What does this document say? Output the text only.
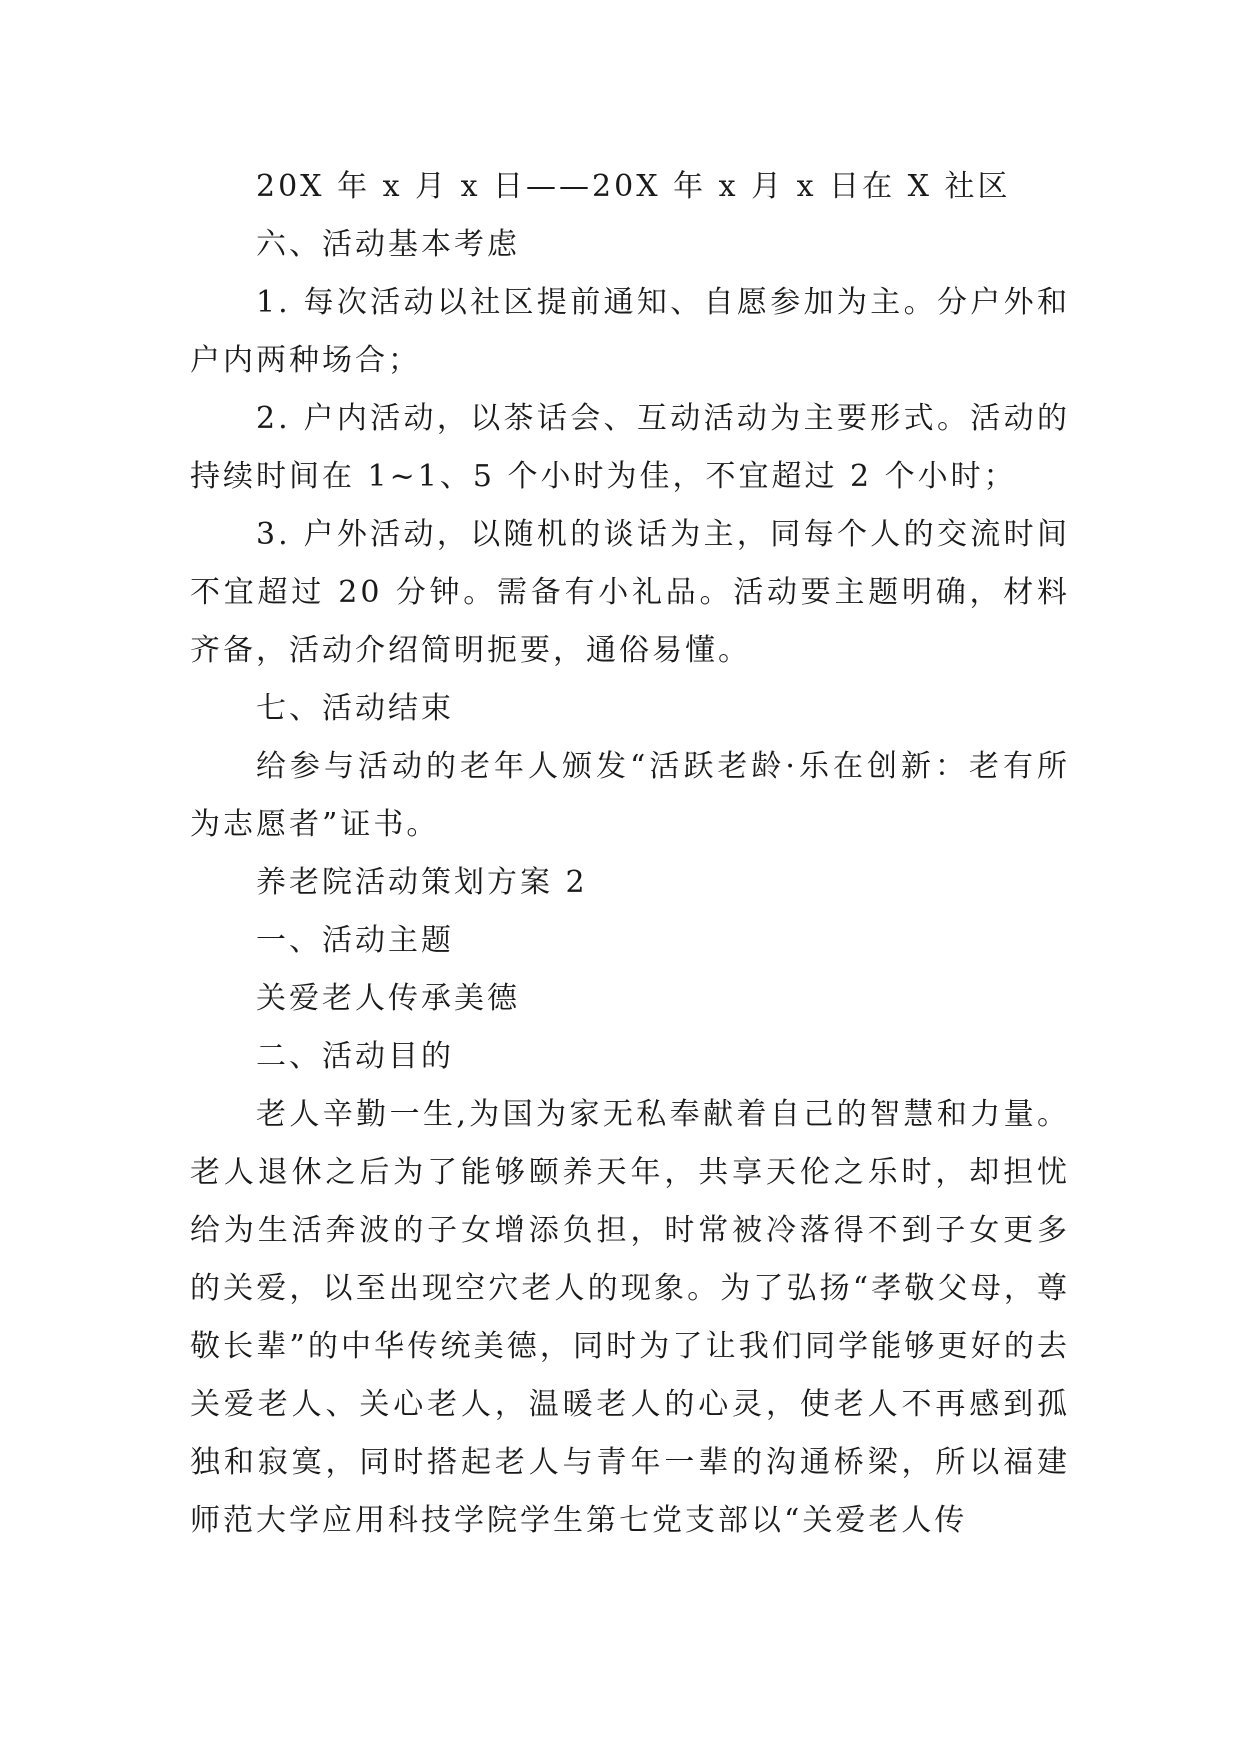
20X 年 x 月 x 日——20X 年 x 月 x 日在 X 社区

六、活动基本考虑

1. 每次活动以社区提前通知、自愿参加为主。分户外和户内两种场合；

2. 户内活动，以茶话会、互动活动为主要形式。活动的持续时间在 1~1、5 个小时为佳，不宜超过 2 个小时；

3. 户外活动，以随机的谈话为主，同每个人的交流时间不宜超过 20 分钟。需备有小礼品。活动要主题明确，材料齐备，活动介绍简明扼要，通俗易懂。

七、活动结束

给参与活动的老年人颁发“活跃老龄·乐在创新：老有所为志愿者”证书。

养老院活动策划方案 2

一、活动主题

关爱老人传承美德

二、活动目的

老人辛勤一生,为国为家无私奉献着自己的智慧和力量。老人退休之后为了能够颐养天年，共享天伦之乐时，却担忧给为生活奔波的子女增添负担，时常被冷落得不到子女更多的关爱，以至出现空穴老人的现象。为了弘扬“孝敬父母，尊敬长辈”的中华传统美德，同时为了让我们同学能够更好的去关爱老人、关心老人，温暖老人的心灵，使老人不再感到孤独和寂寞，同时搭起老人与青年一辈的沟通桥梁，所以福建师范大学应用科技学院学生第七党支部以“关爱老人传
